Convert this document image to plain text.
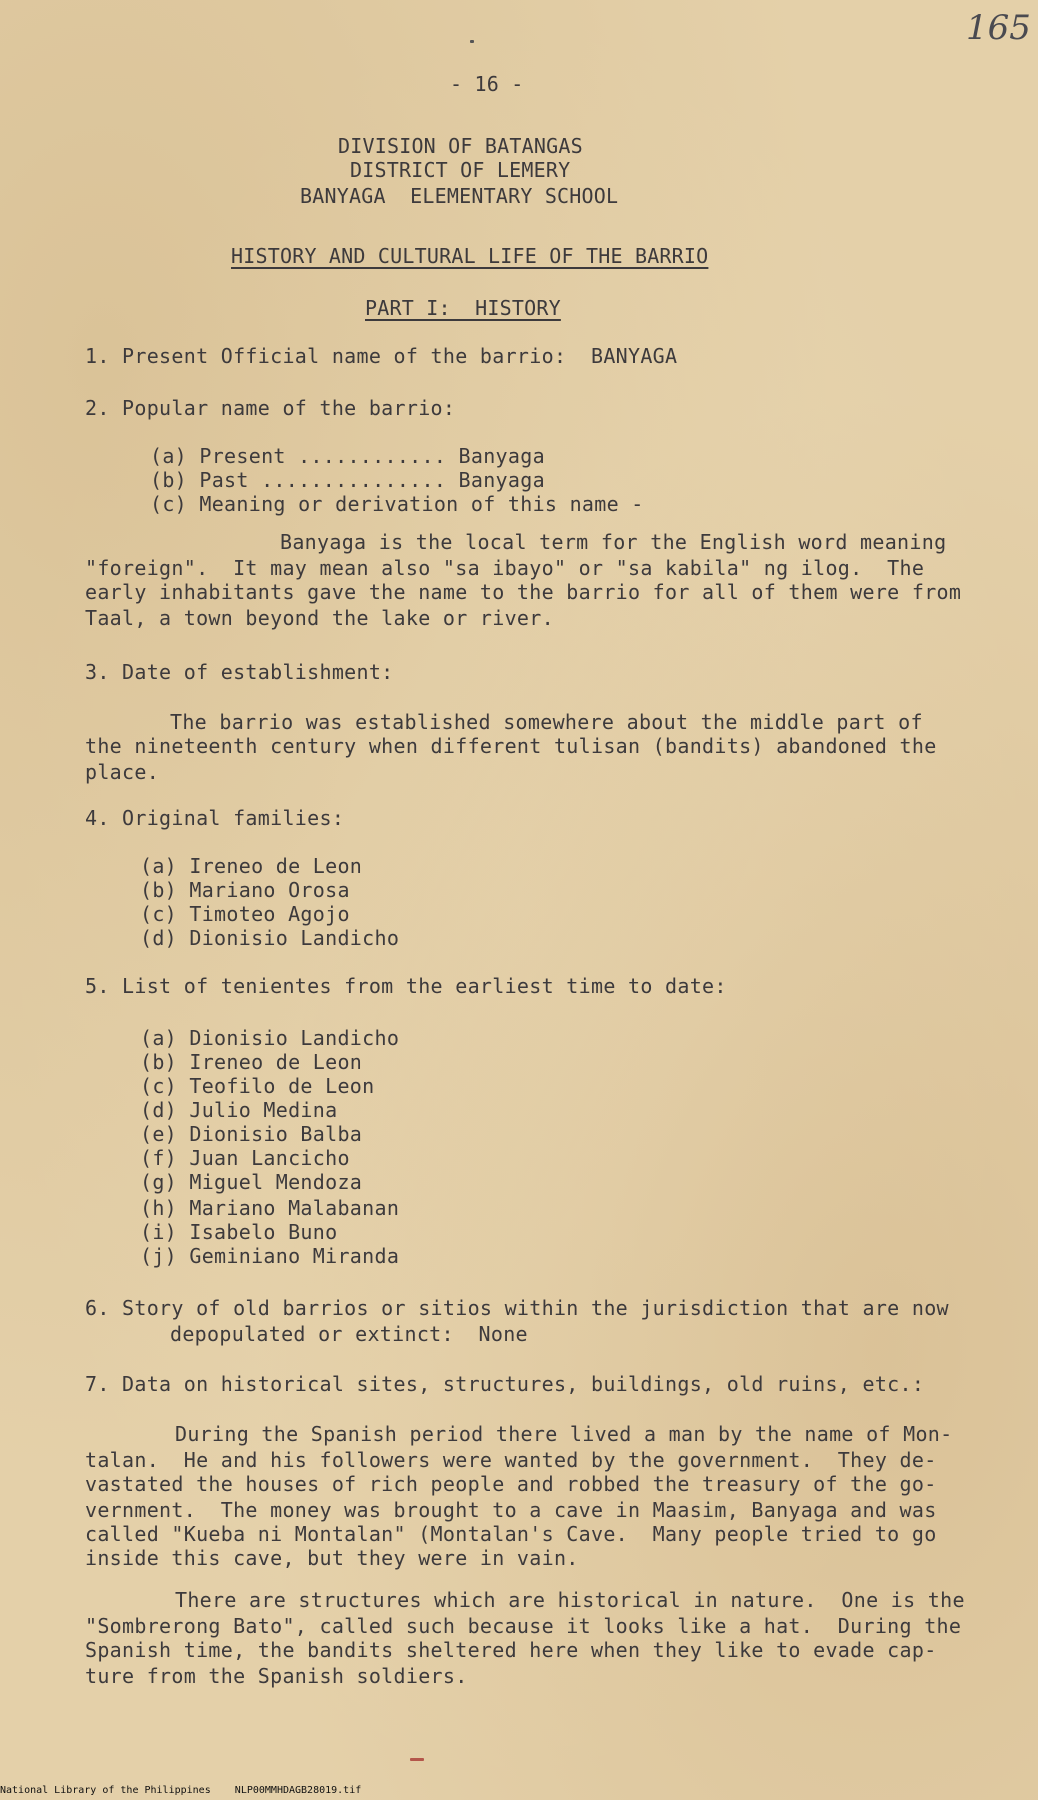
165
- 16 -
DIVISION OF BATANGAS
DISTRICT OF LEMERY
BANYAGA  ELEMENTARY SCHOOL
HISTORY AND CULTURAL LIFE OF THE BARRIO
PART I:  HISTORY
1. Present Official name of the barrio:  BANYAGA
2. Popular name of the barrio:
(a) Present ............ Banyaga
(b) Past ............... Banyaga
(c) Meaning or derivation of this name -
Banyaga is the local term for the English word meaning
"foreign".  It may mean also "sa ibayo" or "sa kabila" ng ilog.  The
early inhabitants gave the name to the barrio for all of them were from
Taal, a town beyond the lake or river.
3. Date of establishment:
The barrio was established somewhere about the middle part of
the nineteenth century when different tulisan (bandits) abandoned the
place.
4. Original families:
(a) Ireneo de Leon
(b) Mariano Orosa
(c) Timoteo Agojo
(d) Dionisio Landicho
5. List of tenientes from the earliest time to date:
(a) Dionisio Landicho
(b) Ireneo de Leon
(c) Teofilo de Leon
(d) Julio Medina
(e) Dionisio Balba
(f) Juan Lancicho
(g) Miguel Mendoza
(h) Mariano Malabanan
(i) Isabelo Buno
(j) Geminiano Miranda
6. Story of old barrios or sitios within the jurisdiction that are now
depopulated or extinct:  None
7. Data on historical sites, structures, buildings, old ruins, etc.:
During the Spanish period there lived a man by the name of Mon-
talan.  He and his followers were wanted by the government.  They de-
vastated the houses of rich people and robbed the treasury of the go-
vernment.  The money was brought to a cave in Maasim, Banyaga and was
called "Kueba ni Montalan" (Montalan's Cave.  Many people tried to go
inside this cave, but they were in vain.
There are structures which are historical in nature.  One is the
"Sombrerong Bato", called such because it looks like a hat.  During the
Spanish time, the bandits sheltered here when they like to evade cap-
ture from the Spanish soldiers.
National Library of the Philippines    NLP00MMHDAGB28019.tif
